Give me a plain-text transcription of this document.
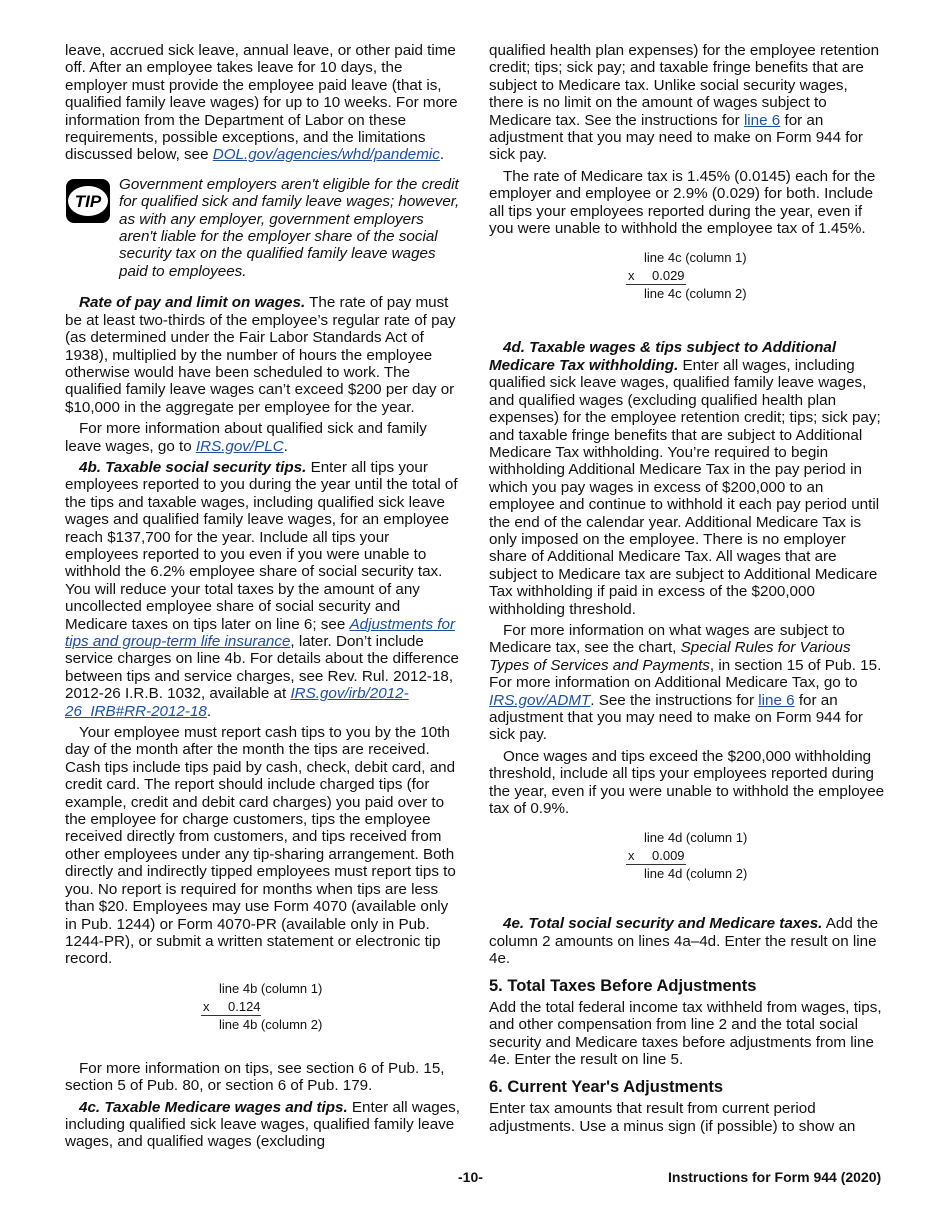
leave, accrued sick leave, annual leave, or other paid time off. After an employee takes leave for 10 days, the employer must provide the employee paid leave (that is, qualified family leave wages) for up to 10 weeks. For more information from the Department of Labor on these requirements, possible exceptions, and the limitations discussed below, see DOL.gov/agencies/whd/pandemic.

TIP
Government employers aren't eligible for the credit for qualified sick and family leave wages; however, as with any employer, government employers aren't liable for the employer share of the social security tax on the qualified family leave wages paid to employees.

Rate of pay and limit on wages. The rate of pay must be at least two-thirds of the employee’s regular rate of pay (as determined under the Fair Labor Standards Act of 1938), multiplied by the number of hours the employee otherwise would have been scheduled to work. The qualified family leave wages can’t exceed $200 per day or $10,000 in the aggregate per employee for the year.

For more information about qualified sick and family leave wages, go to IRS.gov/PLC.

4b. Taxable social security tips. Enter all tips your employees reported to you during the year until the total of the tips and taxable wages, including qualified sick leave wages and qualified family leave wages, for an employee reach $137,700 for the year. Include all tips your employees reported to you even if you were unable to withhold the 6.2% employee share of social security tax. You will reduce your total taxes by the amount of any uncollected employee share of social security and Medicare taxes on tips later on line 6; see Adjustments for tips and group-term life insurance, later. Don’t include service charges on line 4b. For details about the difference between tips and service charges, see Rev. Rul. 2012-18, 2012-26 I.R.B. 1032, available at IRS.gov/irb/2012-26_IRB#RR-2012-18.

Your employee must report cash tips to you by the 10th day of the month after the month the tips are received. Cash tips include tips paid by cash, check, debit card, and credit card. The report should include charged tips (for example, credit and debit card charges) you paid over to the employee for charge customers, tips the employee received directly from customers, and tips received from other employees under any tip-sharing arrangement. Both directly and indirectly tipped employees must report tips to you. No report is required for months when tips are less than $20. Employees may use Form 4070 (available only in Pub. 1244) or Form 4070-PR (available only in Pub. 1244-PR), or submit a written statement or electronic tip record.

line 4b (column 1)
x 0.124
line 4b (column 2)

For more information on tips, see section 6 of Pub. 15, section 5 of Pub. 80, or section 6 of Pub. 179.

4c. Taxable Medicare wages and tips. Enter all wages, including qualified sick leave wages, qualified family leave wages, and qualified wages (excluding

qualified health plan expenses) for the employee retention credit; tips; sick pay; and taxable fringe benefits that are subject to Medicare tax. Unlike social security wages, there is no limit on the amount of wages subject to Medicare tax. See the instructions for line 6 for an adjustment that you may need to make on Form 944 for sick pay.

The rate of Medicare tax is 1.45% (0.0145) each for the employer and employee or 2.9% (0.029) for both. Include all tips your employees reported during the year, even if you were unable to withhold the employee tax of 1.45%.

line 4c (column 1)
x 0.029
line 4c (column 2)

4d. Taxable wages & tips subject to Additional Medicare Tax withholding. Enter all wages, including qualified sick leave wages, qualified family leave wages, and qualified wages (excluding qualified health plan expenses) for the employee retention credit; tips; sick pay; and taxable fringe benefits that are subject to Additional Medicare Tax withholding. You’re required to begin withholding Additional Medicare Tax in the pay period in which you pay wages in excess of $200,000 to an employee and continue to withhold it each pay period until the end of the calendar year. Additional Medicare Tax is only imposed on the employee. There is no employer share of Additional Medicare Tax. All wages that are subject to Medicare tax are subject to Additional Medicare Tax withholding if paid in excess of the $200,000 withholding threshold.

For more information on what wages are subject to Medicare tax, see the chart, Special Rules for Various Types of Services and Payments, in section 15 of Pub. 15. For more information on Additional Medicare Tax, go to IRS.gov/ADMT. See the instructions for line 6 for an adjustment that you may need to make on Form 944 for sick pay.

Once wages and tips exceed the $200,000 withholding threshold, include all tips your employees reported during the year, even if you were unable to withhold the employee tax of 0.9%.

line 4d (column 1)
x 0.009
line 4d (column 2)

4e. Total social security and Medicare taxes. Add the column 2 amounts on lines 4a–4d. Enter the result on line 4e.

5. Total Taxes Before Adjustments

Add the total federal income tax withheld from wages, tips, and other compensation from line 2 and the total social security and Medicare taxes before adjustments from line 4e. Enter the result on line 5.

6. Current Year's Adjustments

Enter tax amounts that result from current period adjustments. Use a minus sign (if possible) to show an

-10-	Instructions for Form 944 (2020)
